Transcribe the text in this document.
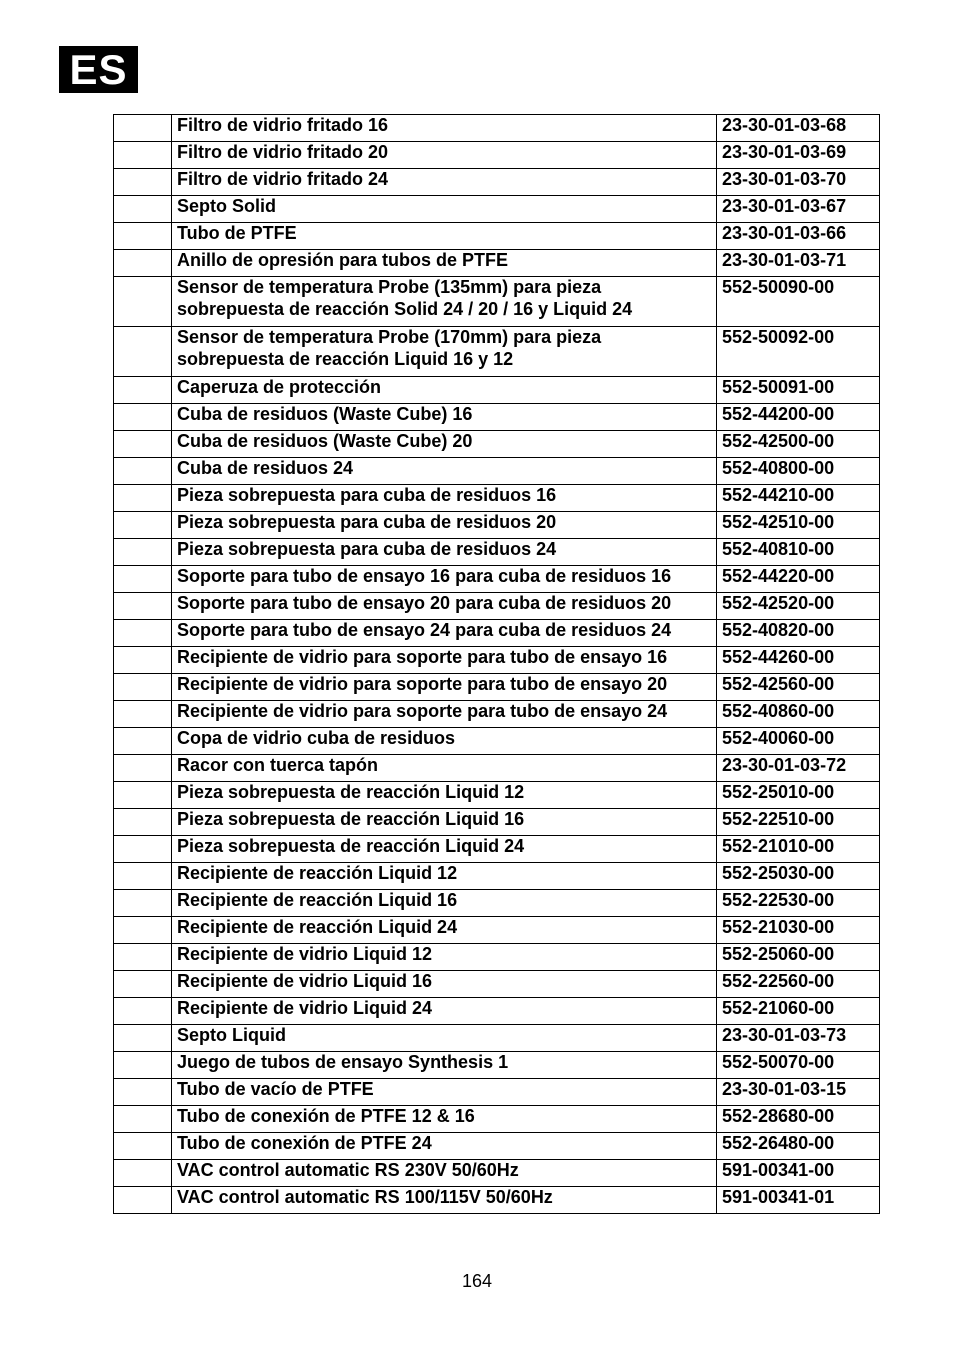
ES
	Filtro de vidrio fritado 16	23-30-01-03-68
	Filtro de vidrio fritado 20	23-30-01-03-69
	Filtro de vidrio fritado 24	23-30-01-03-70
	Septo Solid	23-30-01-03-67
	Tubo de PTFE	23-30-01-03-66
	Anillo de opresión para tubos de PTFE	23-30-01-03-71
	Sensor de temperatura Probe (135mm) para pieza
sobrepuesta de reacción Solid 24 / 20 / 16 y Liquid 24	552-50090-00
	Sensor de temperatura Probe (170mm) para pieza
sobrepuesta de reacción Liquid 16 y 12	552-50092-00
	Caperuza de protección	552-50091-00
	Cuba de residuos (Waste Cube) 16	552-44200-00
	Cuba de residuos (Waste Cube) 20	552-42500-00
	Cuba de residuos 24	552-40800-00
	Pieza sobrepuesta para cuba de residuos 16	552-44210-00
	Pieza sobrepuesta para cuba de residuos 20	552-42510-00
	Pieza sobrepuesta para cuba de residuos 24	552-40810-00
	Soporte para tubo de ensayo 16 para cuba de residuos 16	552-44220-00
	Soporte para tubo de ensayo 20 para cuba de residuos 20	552-42520-00
	Soporte para tubo de ensayo 24 para cuba de residuos 24	552-40820-00
	Recipiente de vidrio para soporte para tubo de ensayo 16	552-44260-00
	Recipiente de vidrio para soporte para tubo de ensayo 20	552-42560-00
	Recipiente de vidrio para soporte para tubo de ensayo 24	552-40860-00
	Copa de vidrio cuba de residuos	552-40060-00
	Racor con tuerca tapón	23-30-01-03-72
	Pieza sobrepuesta de reacción Liquid 12	552-25010-00
	Pieza sobrepuesta de reacción Liquid 16	552-22510-00
	Pieza sobrepuesta de reacción Liquid 24	552-21010-00
	Recipiente de reacción Liquid 12	552-25030-00
	Recipiente de reacción Liquid 16	552-22530-00
	Recipiente de reacción Liquid 24	552-21030-00
	Recipiente de vidrio Liquid 12	552-25060-00
	Recipiente de vidrio Liquid 16	552-22560-00
	Recipiente de vidrio Liquid 24	552-21060-00
	Septo Liquid	23-30-01-03-73
	Juego de tubos de ensayo Synthesis 1	552-50070-00
	Tubo de vacío de PTFE	23-30-01-03-15
	Tubo de conexión de PTFE 12 & 16	552-28680-00
	Tubo de conexión de PTFE 24	552-26480-00
	VAC control automatic RS 230V 50/60Hz	591-00341-00
	VAC control automatic RS 100/115V 50/60Hz	591-00341-01
164
